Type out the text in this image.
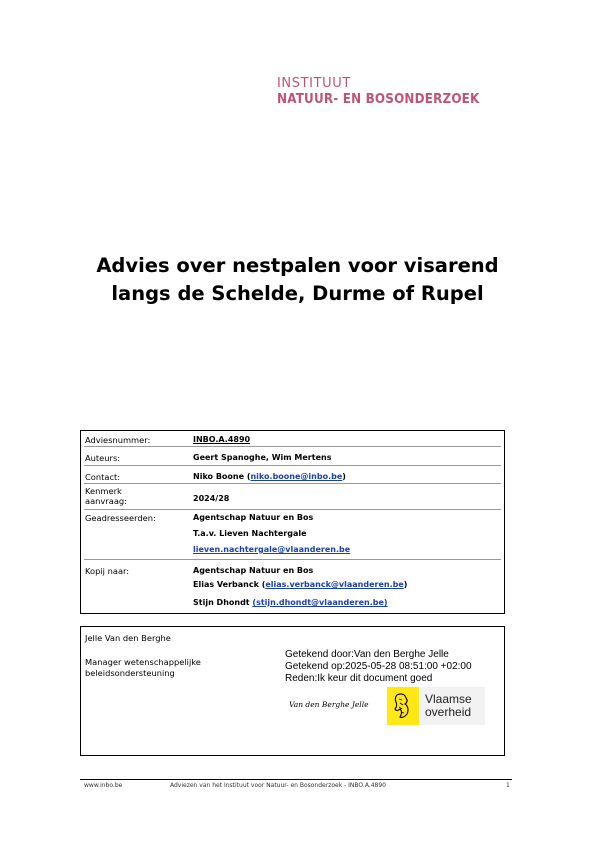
INSTITUUT
NATUUR- EN BOSONDERZOEK
Advies over nestpalen voor visarend
langs de Schelde, Durme of Rupel
Adviesnummer:	INBO.A.4890
Auteurs:	Geert Spanoghe, Wim Mertens
Contact:	Niko Boone (niko.boone@inbo.be)
Kenmerk
aanvraag:	2024/28
Geadresseerden:	Agentschap Natuur en Bos
T.a.v. Lieven Nachtergale
lieven.nachtergale@vlaanderen.be
Kopij naar:	Agentschap Natuur en Bos
Elias Verbanck (elias.verbanck@vlaanderen.be)
Stijn Dhondt (stijn.dhondt@vlaanderen.be)
Jelle Van den Berghe
Manager wetenschappelijke beleidsondersteuning
Getekend door:Van den Berghe Jelle
Getekend op:2025-05-28 08:51:00 +02:00
Reden:Ik keur dit document goed
Van den Berghe Jelle	Vlaamse
overheid
www.inbo.be	Adviezen van het Instituut voor Natuur- en Bosonderzoek - INBO.A.4890	1
